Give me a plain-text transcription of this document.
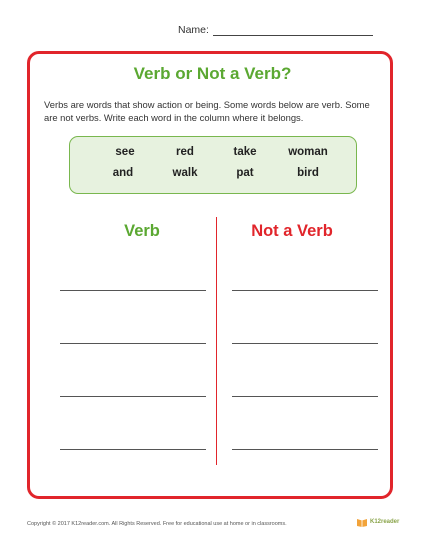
Name:
Verb or Not a Verb?
Verbs are words that show action or being. Some words below are verb. Some are not verbs. Write each word in the column where it belongs.
see	red	take	woman
and	walk	pat	bird
Verb	Not a Verb
Copyright © 2017 K12reader.com. All Rights Reserved. Free for educational use at home or in classrooms.	K12reader
